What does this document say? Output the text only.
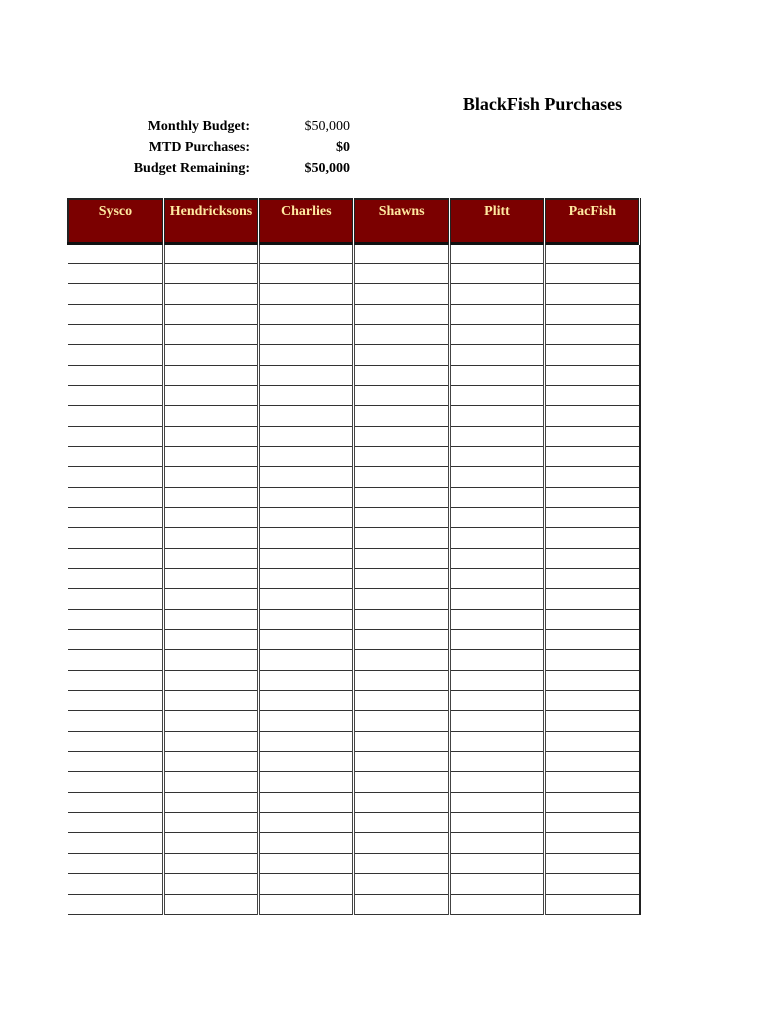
BlackFish Purchases
Monthly Budget:	$50,000
MTD Purchases:	$0
Budget Remaining:	$50,000
Sysco	Hendricksons	Charlies	Shawns	Plitt	PacFish
